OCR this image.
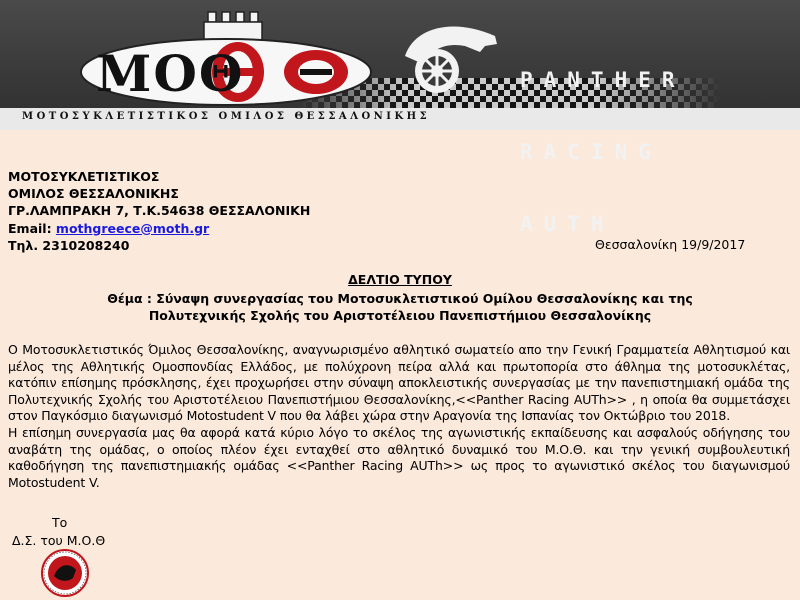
ΜΟΘ

	PANTHER

RACING

AUTH

ΜΟΤΟΣΥΚΛΕΤΙΣΤΙΚΟΣ ΟΜΙΛΟΣ ΘΕΣΣΑΛΟΝΙΚΗΣ
ΜΟΤΟΣΥΚΛΕΤΙΣΤΙΚΟΣ
ΟΜΙΛΟΣ ΘΕΣΣΑΛΟΝΙΚΗΣ
ΓΡ.ΛΑΜΠΡΑΚΗ 7, Τ.Κ.54638 ΘΕΣΣΑΛΟΝΙΚΗ
Email: mothgreece@moth.gr
Τηλ. 2310208240	Θεσσαλονίκη 19/9/2017
ΔΕΛΤΙΟ ΤΥΠΟΥ
Θέμα : Σύναψη συνεργασίας του Μοτοσυκλετιστικού Ομίλου Θεσσαλονίκης και της
Πολυτεχνικής Σχολής του Αριστοτέλειου Πανεπιστήμιου Θεσσαλονίκης

Ο Μοτοσυκλετιστικός Όμιλος Θεσσαλονίκης, αναγνωρισμένο αθλητικό σωματείο απο την Γενική Γραμματεία Αθλητισμού και μέλος της Αθλητικής Ομοσπονδίας Ελλάδος, με πολύχρονη πείρα αλλά και πρωτοπορία στο άθλημα της μοτοσυκλέτας, κατόπιν επίσημης πρόσκλησης, έχει προχωρήσει στην σύναψη αποκλειστικής συνεργασίας με την πανεπιστημιακή ομάδα της Πολυτεχνικής Σχολής του Αριστοτέλειου Πανεπιστήμιου Θεσσαλονίκης,<<Panther Racing AUTh>> , η οποία θα συμμετάσχει στον Παγκόσμιο διαγωνισμό Motostudent V που θα λάβει χώρα στην Αραγονία της Ισπανίας τον Οκτώβριο του 2018.

Η επίσημη συνεργασία μας θα αφορά κατά κύριο λόγο το σκέλος της αγωνιστικής εκπαίδευσης και ασφαλούς οδήγησης του αναβάτη της ομάδας, ο οποίος πλέον έχει ενταχθεί στο αθλητικό δυναμικό του Μ.Ο.Θ. και την γενική συμβουλευτική καθοδήγηση της πανεπιστημιακής ομάδας <<Panther Racing AUTh>> ως προς το αγωνιστικό σκέλος του διαγωνισμού Motostudent V.

Το
Δ.Σ. του Μ.Ο.Θ
